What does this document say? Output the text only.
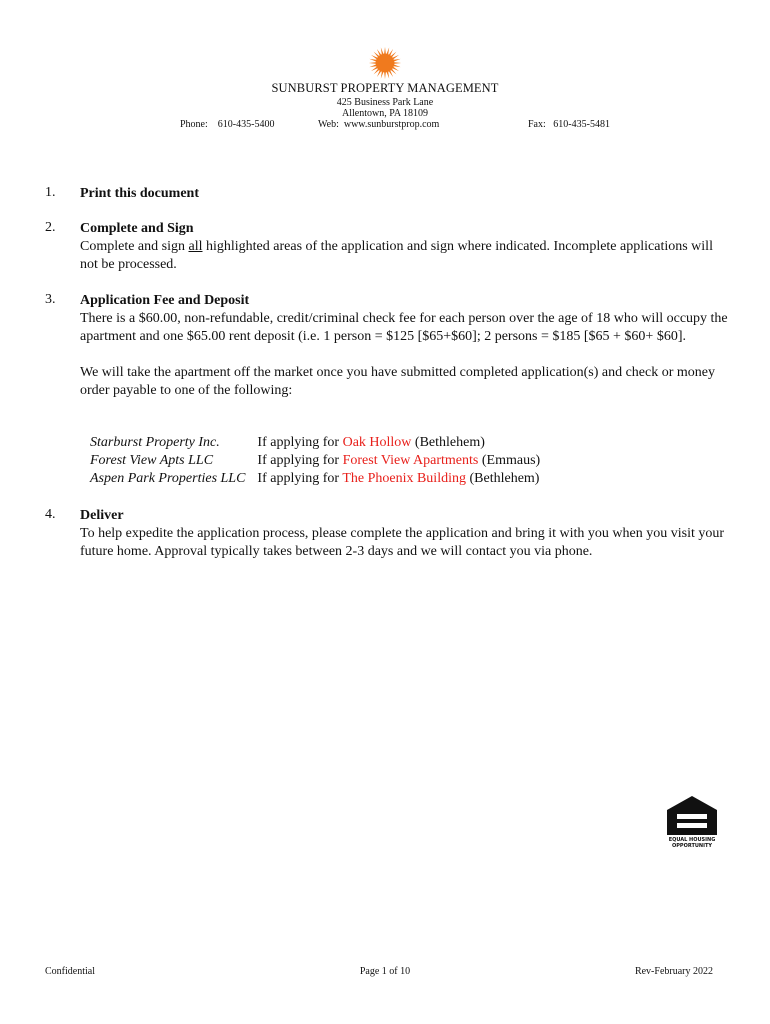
SUNBURST PROPERTY MANAGEMENT
425 Business Park Lane
Allentown, PA 18109
Phone: 610-435-5400	Web: www.sunburstprop.com	Fax: 610-435-5481
1. Print this document
2. Complete and Sign

Complete and sign all highlighted areas of the application and sign where indicated. Incomplete applications will not be processed.

3. Application Fee and Deposit

There is a $60.00, non-refundable, credit/criminal check fee for each person over the age of 18 who will occupy the apartment and one $65.00 rent deposit (i.e. 1 person = $125 [$65+$60]; 2 persons = $185 [$65 + $60+ $60].

We will take the apartment off the market once you have submitted completed application(s) and check or money order payable to one of the following:

Starburst Property Inc.	If applying for Oak Hollow (Bethlehem)
Forest View Apts LLC	If applying for Forest View Apartments (Emmaus)
Aspen Park Properties LLC	If applying for The Phoenix Building (Bethlehem)
4. Deliver

To help expedite the application process, please complete the application and bring it with you when you visit your future home. Approval typically takes between 2-3 days and we will contact you via phone.

EQUAL HOUSING
OPPORTUNITY
Confidential	Page 1 of 10	Rev-February 2022
